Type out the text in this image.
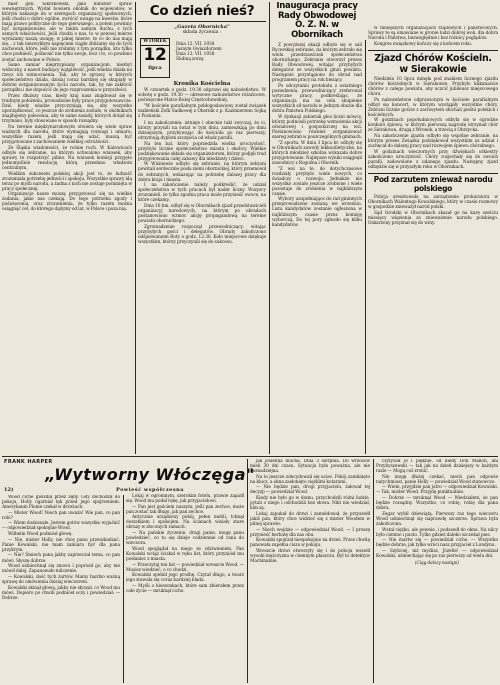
mier gen. Sikorkowski, jako minister spraw wewnętrznych. Wydał bowiem okólnik do wojewodów, w którym nakazuje im w szeregach organizacyj społecznych, jeśli chodzi o dobro ogólne, zwrócić uwagę na kwestie, które mają prawo polityczne do tego pierwszego, a potem powinny być zorganizowane, ale w takim samym duchu, z tych samych właściwości. Jeśli chodzi o nas, to w pewnej mierze wyrażamy naszą uwagę; w jakiej mierze, te co do nas mają się... z tak niezwykłym napięciem ciągle zbliżamy się do tych zachowań, które, jeśli nie zrobimy z tym porządku, kto tylko chce podnieść, podnosić nie tylko swoje, lecz i to, co powinno zostać zachowane w Polsce.

Samo zamiar nieprzypisany organizacjom, niezbyt widoczny, a nawet budzący wątpliwość, jeśli władza działa na rzecz ich wzmocnienia. Tak, aby te sprawy, w których społeczeństwo działa, dzisiaj coraz bardziej się skupiały w dobrze zorganizowanym życiu narodu, tak, by nie zakłócić porządku i nie dopuścić do jego rozproszenia w przyszłości.

Przez dłuższy czas, kiedy kraj nasz znajdował się w trudnym położeniu, prowadzone były prace przygotowawcze. Dziś, kiedy władze przyczyniają się, aby wszystko uporządkować, co jeszcze do zrobienia zostało, w okólnikach znajdujemy polecenia, aby te same zasady, których dotąd się trzymano, były stosowane w sposób rozsądny.

Na terenie międzynarodowym otwiera się wiele spraw ważnych dla narodu, które wymagają rozwagi i umiaru; wszystkie razem, jeśli mają się udać, muszą być przygotowane z zachowaniem wielkiej ostrożności.

Ze Śląska wiadomości, że rośnie ruch. W Katowicach odbyło się zebranie, na którym uchwalono wniosek, aby sprawy te rozpatrzyć pilnie. Na wniosek komisji przyjęto jednomyślnie rezolucję, którą przesłano władzom centralnym.

Wielkim sukcesem polskiej akcji jest to, że ludność zrozumiała potrzebę jedności i spokoju. Wszystkie sprawy idą teraz po myśli narodu, a żadna z nich nie zostaje pominięta w pracy społecznej.

Organizacje nasze muszą przygotować się na wielkie zadania, jakie nas czekają. Do tego potrzeba zgody i poświęcenia, oraz zrozumienia, że tylko razem można osiągnąć cel, do którego dążymy od lat, w Polsce i poza nią.

Co dzień nieś?
„Gazeta Obornicka"
składa życzenia :
WTOREK
12
lipca
Dnia 12. VII. 1938
Jasnym Gwiazdorzem
Dnia 13. VII. 1938
Ślubną zorzą
Kronika Kościelna

W czwartek o godz. 19.30 odprawi się nabożeństwo. W sobotę o godz. 19.30 — okresowe nabożeństwo różańcowe, poświęcone Matce Bożej Częstochowskiej.

"W kościele parafialnym pobłogosławiony został związek małżeński Zofii Sadkowej z Obornik z p. Kazimierzem Sojką z Poznania.

I na zakończenie: istnieje i obecnie taki zwyczaj, że ci, którzy przyszli na świat w tym dniu, zamieszkają po dniu dzisiejszym, przybywając do kościoła po raz pierwszy, otrzymują dyplom szczęścia od władz parafii.

Na ten bal, który poprzedziła wielka uroczystość, przybyło licznie społeczeństwo miasta i okolicy. Wielkie podziękowanie składa się organizatorom, którzy podjęli trud przygotowania całej zabawy dla młodzieży i dzieci.

W Wiśniewie odbyło się zebranie, na którym zebrani powitali serdecznie posła ziemi obornickiej, który przemówił do zebranych, wskazując na potrzebę dalszej pracy dla dobra kraju i miasta.

I na zakończenie należy podkreślić, że udział społeczeństwa w tych pracach był nader liczny. Wszyscy zrozumieli, że tylko zgodna praca może przynieść owoce, na które czekamy.

Dnia 10 bm. odbył się w Obornikach zjazd przedstawicieli organizacyj narodowych, na którym po obradach postanowiono wzmóc akcję propagandową na terenie powiatu obornickiego.

Zgromadzenie rozpoczął przewodniczący, witając przybyłych gości i delegatów. Obrady zakończono odśpiewaniem Roty o godz. 12.30. Koło miejscowe dziękuje wszystkim, którzy przyczynili się do sukcesu.

Inauguracja pracy Rady Obwodowej O. Z. N. w Obornikach

Z powyższej okazji odbyło się w sali Rycerskiej zebranie, na którym zebrało się wielu przedstawicieli społeczeństwa obornickiego. Zebranie otworzył prezes Rady Obwodowej, witając przybyłych delegatów ze wszystkich gmin powiatu. Następnie przystąpiono do obrad nad programem pracy na rok bieżący.

Po odczytaniu protokołu z ostatniego posiedzenia, przewodniczący zreferował wytyczne pracy, podkreślając, że organizacja ma na celu skupienie wszystkich sił narodu w jednym obozie dla dobra Państwa Polskiego.

W dyskusji zabierali głos liczni mówcy, którzy podnosili potrzebę wzmożenia akcji oświatowej i gospodarczej na wsi. Postanowiono również zorganizować szereg zebrań w poszczególnych gminach.

"Z sportu. W dniu 3 lipca br. odbyły się w Obornikach zawody lekkoatletyczne, na których młodzież szkolna wykazała dobre przygotowanie. Najlepsze wyniki osiągnęli zawodnicy z Rogoźna i Obornik.

"Z wsi na te, do dotychczasowe rozdziały przybyło wiele nowych, co świadczy o rozwoju. Jednakże nie wszystko zostało jeszcze zrobione i wiele pozostaje do zrobienia w najbliższym czasie.

Wybory uzupełniające do rad gminnych przeprowadzone zostaną we wrześniu. Lista kandydatów zostanie ogłoszona w najbliższym czasie przez komisję wyborczą. Do tej pory zgłosiło się kilku kandydatów.

w mniejszych organizacjach rządowych i państwowych. Sprawy te są omawiane w gronie ludzi dobrej woli, dla dobra Narodu i Państwa, bezwzględnie i bez różnicy poglądów.

Kongres związkowy kończy się z końcem roku.

Zjazd Chórów Kościeln.
w Sierakowie

Niedziela 10 lipca minęła pod znakiem licznego zjazdu chórów kościelnych w Sierakowie. Przybyło kilkanaście chórów z całego powiatu, aby uczcić jubileusz miejscowego chóru.

Po nabożeństwie odprawionym w kościele parafialnym odbył się koncert, w którym wystąpiły wszystkie chóry. Zebrani licznie goście z zachwytem słuchali pieśni polskich i kościelnych.

W godzinach popołudniowych odbyła się w ogrodzie konkurs śpiewu, w którym pierwszą nagrodę otrzymał chór ze Sierakowa, drugą z Wronek, a trzecią z Obrzycka.

Na zakończenie zjazdu odbyło się wspólne zebranie, na którym prezes Związku podziękował wszystkim za udział i zachęcał do dalszej pracy nad rozwojem śpiewu chóralnego.

W godzinach wieczornych przy dźwiękach orkiestry zakończono uroczystość. Chóry rozjechały się do swoich parafii, zadowolone z udanego zjazdu. Następny zjazd odbędzie się w przyszłym roku w Obornikach.

Pod zarzutem znieważ narodu polskiego

Policja aresztowała na zarządzenie prokuratora w Obornikach Walentego Kowalskiego, który w czasie rozmowy w gospodzie znieważył naród polski.

Sąd Grodzki w Obornikach skazał go na karę sześciu miesięcy więzienia za znieważenie narodu polskiego. Oskarżony przyznał się do winy.

FRANK HARPER
„Wytworny Włóczęga"
12)	Powieść współczesna

Wood ciche gwizdał przez zęby. Gdy dochodził do pokoju, Holly ogarniał lęk przed jego spojrzeniem. Amerykanin Plonie czekał w drzwiach.

— Mister Wood! Niech pan uważa! Wie pan, co pan robi?

— Wiem doskonale. Jestem gotów wszystko wyjaśnić — odpowiedział spokojnie Wood.

Wilhelm Wood podniósł głowę.

— Nie, mister Holly, nie chcę panu przeszkadzać. Panie Kowalski, nie mam zamiaru być dla pana przykrym.

— Nie? Śmiech pana jakby zaprzeczał temu, co pan mówi. Słyszę dobrze.

Wood uśmiechnął się znowu i poprosił go, aby nie mówił dalej. Zapanowało milczenie.

— Kowalski, dość tych żartów. Mamy bardzo ważną sprawę do omówienia dzisiaj wieczorem.

Kowalski skinął głową, jakby nie słyszał, co Wood mu mówi. Dopiero po chwili podniósł oczy i powiedział: — Dobrze.

Lokaj w ogromnym, szerokim fotelu, prawie zapadł się. Wood mu podał rękę, jak przyjacielowi.

— Pan jest gościem naszym; jeśli pan zechce, może pan zostać tak długo, jak pan zechce.

Antycznie urządzony pokój, pełen mebli, tchnął dostatkiem i spokojem. Na ścianach wisiały stare obrazy w złoconych ramach.

— Na pańskie życzenie, drogi panie, mogę panu powiedzieć, co tu się dzieje codziennie od rana do wieczora.

Wood spoglądał na niego ze zdziwieniem. Pan Kowalski wciąż ściskał w ręku list, który przyniósł mu posłaniec z miasta.

— Przeczytaj ten list — powiedział wreszcie Wood. — Musisz wiedzieć, o co chodzi.

Kowalski spełnił jego prośbę. Czytał długo, a twarz jego stawała się coraz bardziej blada.

— Myśli o kieszonkach, które sam zbierałem przez całe życie — mruknął cicho.

jak jesienna mucha. Dnia 3 sierpnia. Do wrzosów mieli 30 dni czasu. Sytuacja była poważna, ale nie beznadziejna.

Na to jeszcze zdecydowali się uciec. Pokój zamknięto na klucz, a okna zasłonięto ciężkimi kotarami.

— Nie będzie pan, drogi przyjacielu, żałował tej decyzji — powiedział Wood.

Kiedy nie było go w domu, przychodzili różni ludzie, pytali o niego i odchodzili bez słowa. Nikt nie wiedział, kim są.

Lokaj zapukał do drzwi i zameldował, że przyszedł jakiś pan, który chce widzieć się z mister Woodem w pilnej sprawie.

— Niech wejdzie — odpowiedział Wood. — I proszę przynieść herbatę dla nas obu.

Kowalski spojrzał niespokojnie na drzwi. Przez chwilę panowała zupełna cisza w pokoju.

Wreszcie drzwi otworzyły się i do pokoju wszedł wysoki mężczyzna w ciemnym płaszczu. Był to detektyw Machinalnie.

czytywał je i pięknie, od kiedy Don Mallon, ani Przybyszewski — tak jak na dzień dzisiejszy w każdym razie — Mogą coś zrobić.

Nie mogę dłużej czekać, niech pan odpowie natychmiast, panie Holly — powiedział Wood stanowczo.

— Wiem, przyjdzie pan jutro — odpowiedział Kowalski. — Tak, mister Wood. Przyjdę punktualnie.

— Dobrze — mruknął Wood — Wiedziałem, że pan będzie rozsądny. Wszystko, co robię, robię dla pana dobra.

Zegar wybił dziewiątą. Pierwszy raz tego wieczoru Wood uśmiechnął się naprawdę szczerze. Sprawa była zakończona.

Wstał ciężko, ale pewnie, i podszedł do okna. Na ulicy było ciemno i pusto. Tylko gdzieś daleko szczekał pies.

— Nie martw się — powiedział cicho. — Wszystko będzie dobrze, jak tylko wróci nasz przyjaciel z Londynu.

— Szybciej, niż myślisz, Józefie! — odpowiedział Kowalski, uśmiechając się po raz pierwszy od wielu dni.

(Ciąg dalszy nastąpi)
